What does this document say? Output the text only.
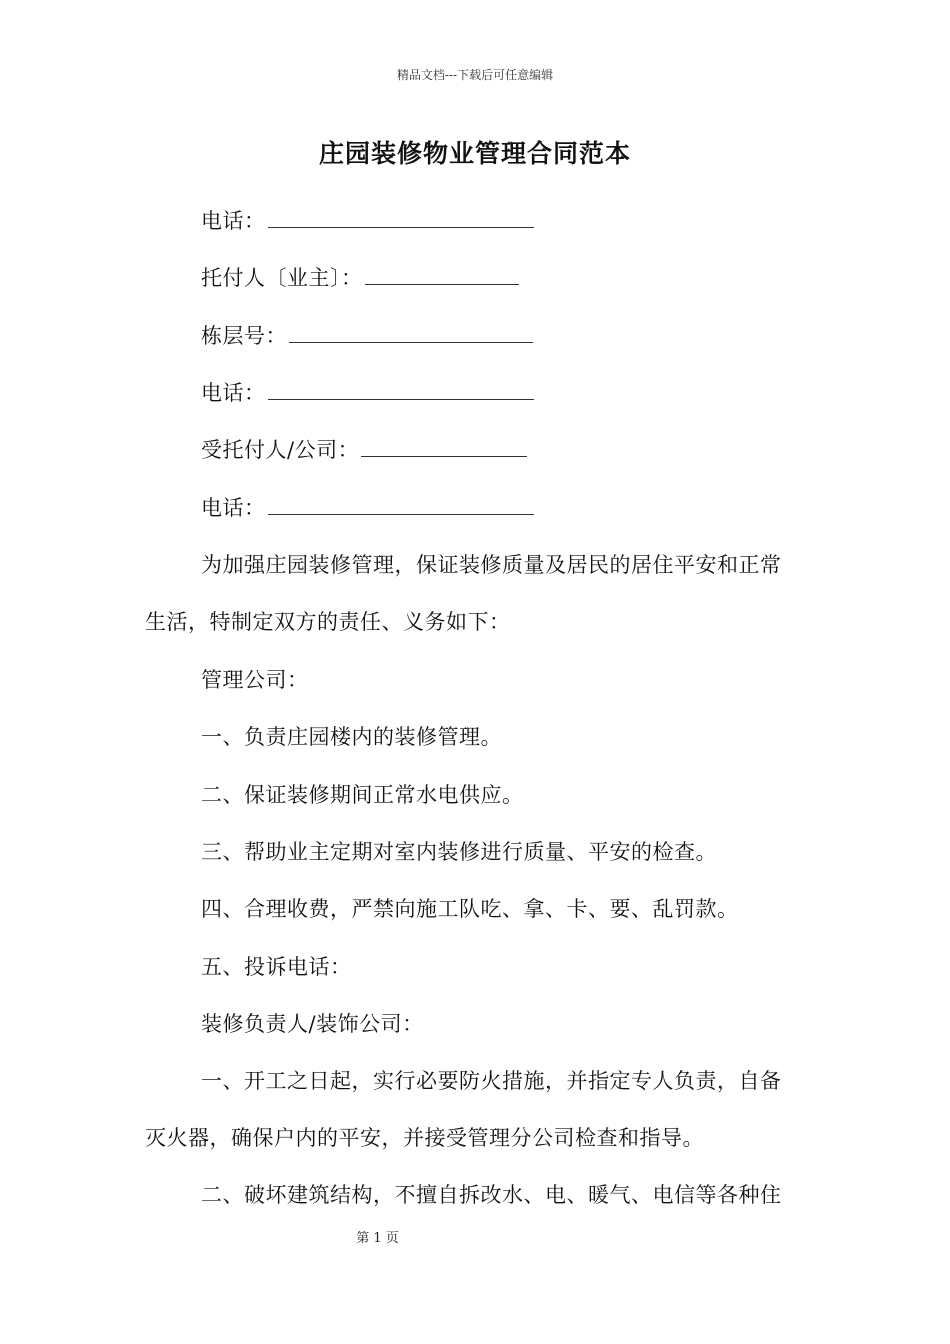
精品文档---下载后可任意编辑
庄园装修物业管理合同范本
电话：
托付人〔业主〕：
栋层号：
电话：
受托付人/公司：
电话：
为加强庄园装修管理，保证装修质量及居民的居住平安和正常
生活，特制定双方的责任、义务如下：
管理公司：
一、负责庄园楼内的装修管理。
二、保证装修期间正常水电供应。
三、帮助业主定期对室内装修进行质量、平安的检查。
四、合理收费，严禁向施工队吃、拿、卡、要、乱罚款。
五、投诉电话：
装修负责人/装饰公司：
一、开工之日起，实行必要防火措施，并指定专人负责，自备
灭火器，确保户内的平安，并接受管理分公司检查和指导。
二、破坏建筑结构，不擅自拆改水、电、暖气、电信等各种住
第 1 页
